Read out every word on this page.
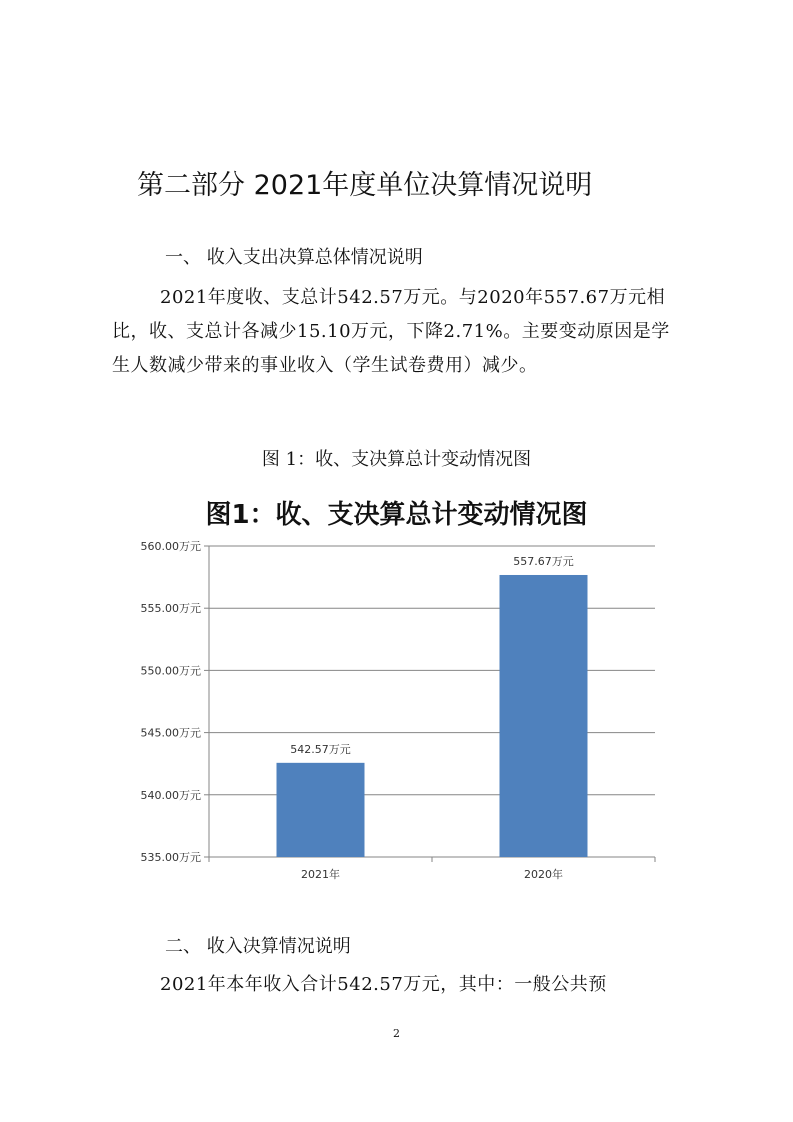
第二部分 2021年度单位决算情况说明
一、 收入支出决算总体情况说明
2021年度收、支总计542.57万元。与2020年557.67万元相比，收、支总计各减少15.10万元，下降2.71%。主要变动原因是学生人数减少带来的事业收入（学生试卷费用）减少。
图 1：收、支决算总计变动情况图
图1：收、支决算总计变动情况图
535.00万元
540.00万元
545.00万元
550.00万元
555.00万元
560.00万元
542.57万元
2021年
557.67万元
2020年
二、 收入决算情况说明
2021年本年收入合计542.57万元，其中：一般公共预
2
